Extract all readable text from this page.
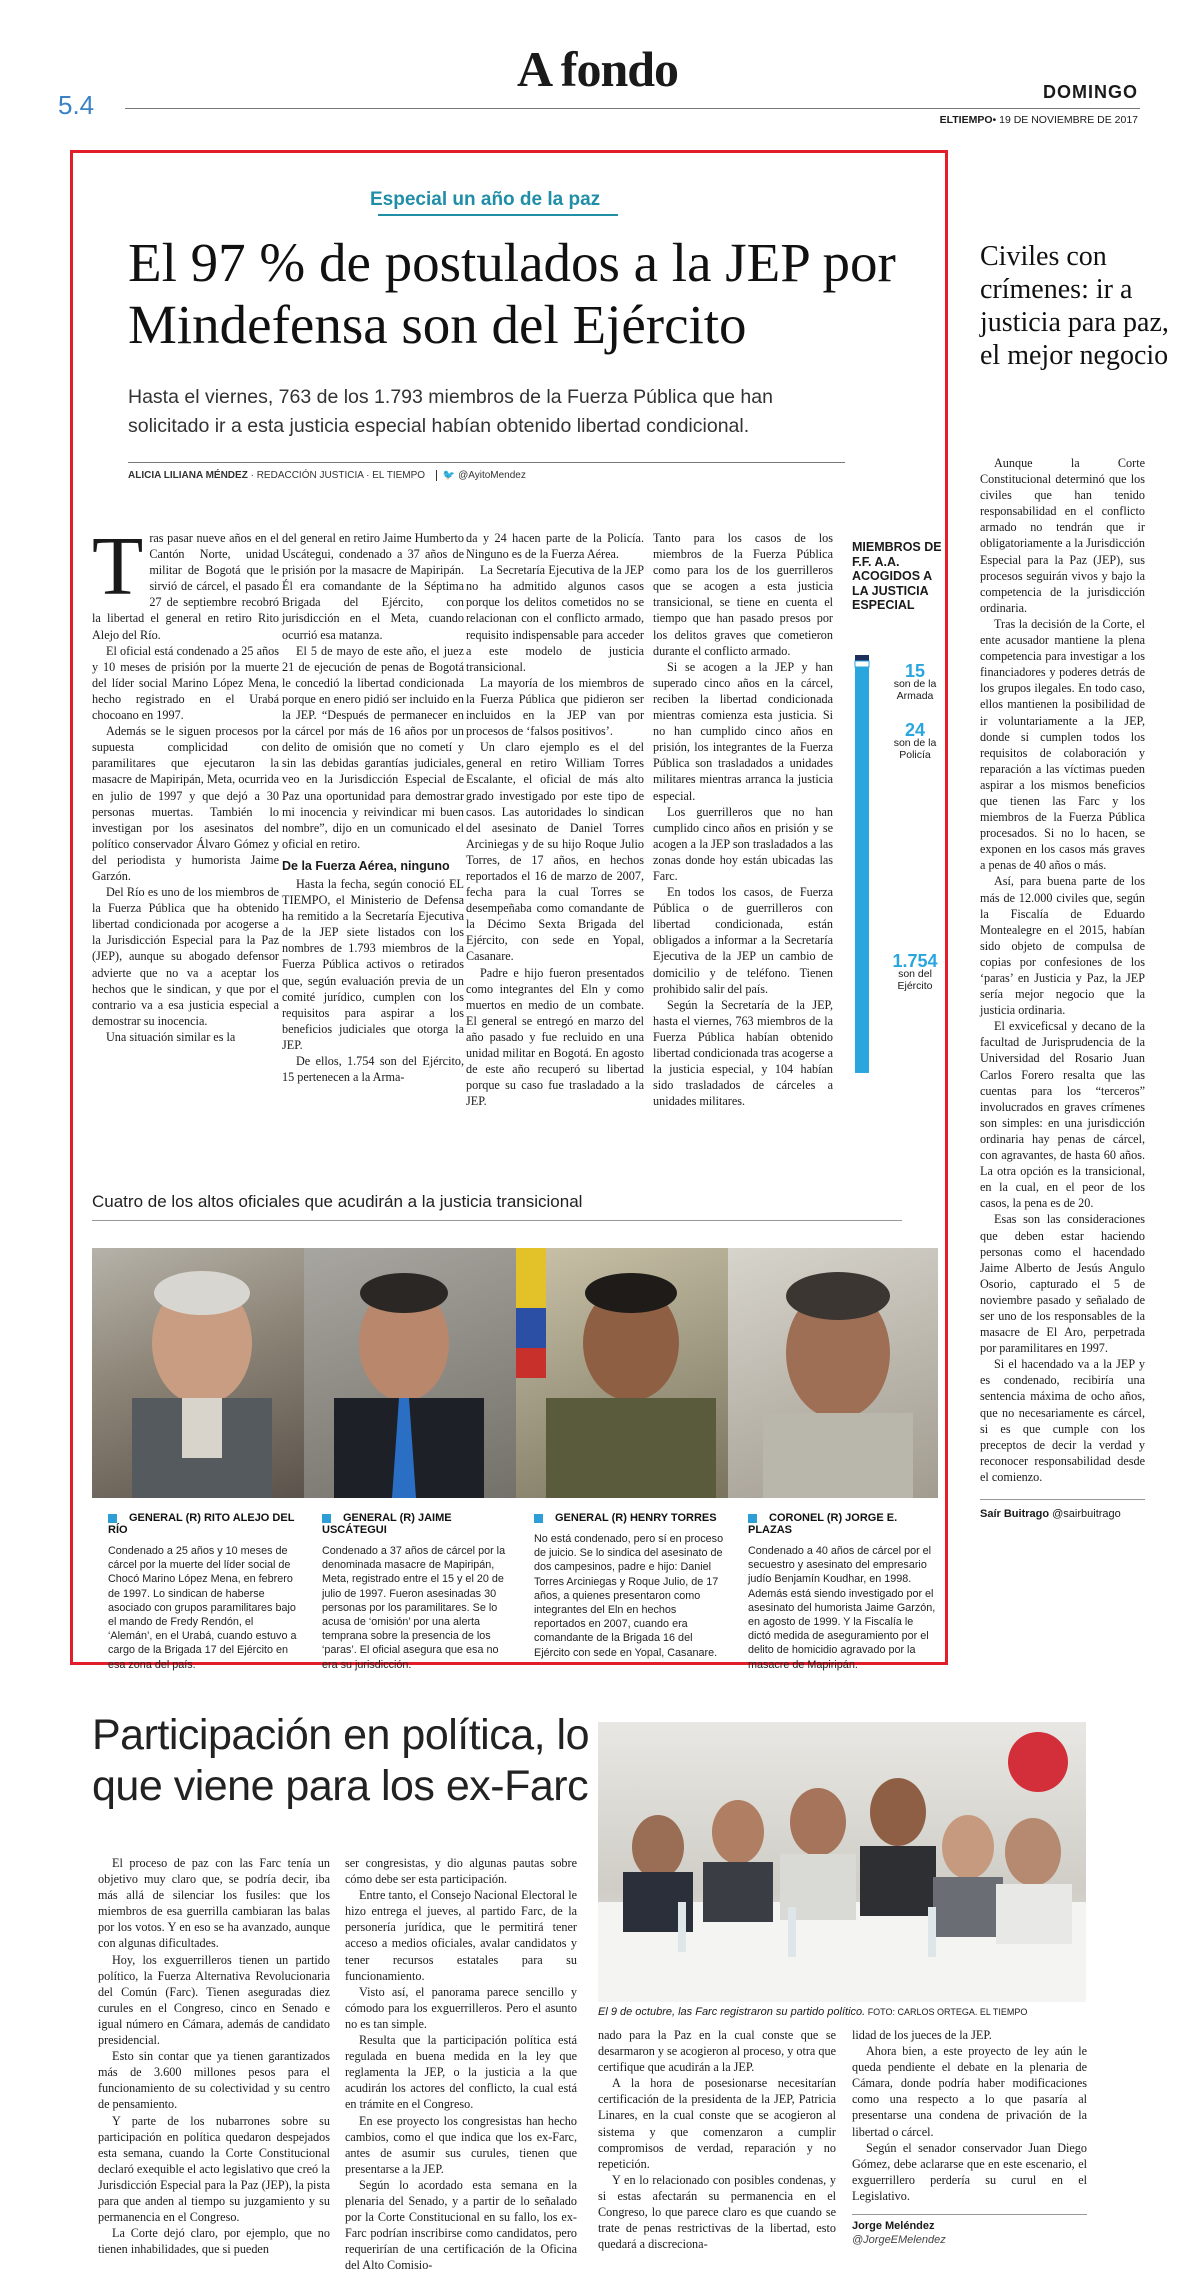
5.4
A fondo	DOMINGO
ELTIEMPO• 19 DE NOVIEMBRE DE 2017
Especial un año de la paz
El 97 % de postulados a la JEP por Mindefensa son del Ejército
Hasta el viernes, 763 de los 1.793 miembros de la Fuerza Pública que han solicitado ir a esta justicia especial habían obtenido libertad condicional.
ALICIA LILIANA MÉNDEZ · REDACCIÓN JUSTICIA · EL TIEMPO 🐦 @AyitoMendez

Tras pasar nueve años en el Cantón Norte, unidad militar de Bogotá que le sirvió de cárcel, el pasado 27 de septiembre recobró la libertad el general en retiro Rito Alejo del Río.

El oficial está condenado a 25 años y 10 meses de prisión por la muerte del líder social Marino López Mena, hecho registrado en el Urabá chocoano en 1997.

Además se le siguen procesos por supuesta complicidad con paramilitares que ejecutaron la masacre de Mapiripán, Meta, ocurrida en julio de 1997 y que dejó a 30 personas muertas. También lo investigan por los asesinatos del político conservador Álvaro Gómez y del periodista y humorista Jaime Garzón.

Del Río es uno de los miembros de la Fuerza Pública que ha obtenido libertad condicionada por acogerse a la Jurisdicción Especial para la Paz (JEP), aunque su abogado defensor advierte que no va a aceptar los hechos que le sindican, y que por el contrario va a esa justicia especial a demostrar su inocencia.

Una situación similar es la

del general en retiro Jaime Humberto Uscátegui, condenado a 37 años de prisión por la masacre de Mapiripán. Él era comandante de la Séptima Brigada del Ejército, con jurisdicción en el Meta, cuando ocurrió esa matanza.

El 5 de mayo de este año, el juez 21 de ejecución de penas de Bogotá le concedió la libertad condicionada porque en enero pidió ser incluido en la JEP. “Después de permanecer en la cárcel por más de 16 años por un delito de omisión que no cometí y sin las debidas garantías judiciales, veo en la Jurisdicción Especial de Paz una oportunidad para demostrar mi inocencia y reivindicar mi buen nombre”, dijo en un comunicado el oficial en retiro.

De la Fuerza Aérea, ninguno

Hasta la fecha, según conoció EL TIEMPO, el Ministerio de Defensa ha remitido a la Secretaría Ejecutiva de la JEP siete listados con los nombres de 1.793 miembros de la Fuerza Pública activos o retirados que, según evaluación previa de un comité jurídico, cumplen con los requisitos para aspirar a los beneficios judiciales que otorga la JEP.

De ellos, 1.754 son del Ejército, 15 pertenecen a la Arma-

da y 24 hacen parte de la Policía. Ninguno es de la Fuerza Aérea.

La Secretaría Ejecutiva de la JEP no ha admitido algunos casos porque los delitos cometidos no se relacionan con el conflicto armado, requisito indispensable para acceder a este modelo de justicia transicional.

La mayoría de los miembros de la Fuerza Pública que pidieron ser incluidos en la JEP van por procesos de ‘falsos positivos’.

Un claro ejemplo es el del general en retiro William Torres Escalante, el oficial de más alto grado investigado por este tipo de casos. Las autoridades lo sindican del asesinato de Daniel Torres Arciniegas y de su hijo Roque Julio Torres, de 17 años, en hechos reportados el 16 de marzo de 2007, fecha para la cual Torres se desempeñaba como comandante de la Décimo Sexta Brigada del Ejército, con sede en Yopal, Casanare.

Padre e hijo fueron presentados como integrantes del Eln y como muertos en medio de un combate. El general se entregó en marzo del año pasado y fue recluido en una unidad militar en Bogotá. En agosto de este año recuperó su libertad porque su caso fue trasladado a la JEP.

Tanto para los casos de los miembros de la Fuerza Pública como para los de los guerrilleros que se acogen a esta justicia transicional, se tiene en cuenta el tiempo que han pasado presos por los delitos graves que cometieron durante el conflicto armado.

Si se acogen a la JEP y han superado cinco años en la cárcel, reciben la libertad condicionada mientras comienza esta justicia. Si no han cumplido cinco años en prisión, los integrantes de la Fuerza Pública son trasladados a unidades militares mientras arranca la justicia especial.

Los guerrilleros que no han cumplido cinco años en prisión y se acogen a la JEP son trasladados a las zonas donde hoy están ubicadas las Farc.

En todos los casos, de Fuerza Pública o de guerrilleros con libertad condicionada, están obligados a informar a la Secretaría Ejecutiva de la JEP un cambio de domicilio y de teléfono. Tienen prohibido salir del país.

Según la Secretaría de la JEP, hasta el viernes, 763 miembros de la Fuerza Pública habían obtenido libertad condicionada tras acogerse a la justicia especial, y 104 habían sido trasladados de cárceles a unidades militares.

MIEMBROS DE F.F. A.A. ACOGIDOS A LA JUSTICIA ESPECIAL
15
son de la Armada
24
son de la Policía
1.754
son del Ejército
Cuatro de los altos oficiales que acudirán a la justicia transicional
GENERAL (R) RITO ALEJO DEL RÍO
Condenado a 25 años y 10 meses de cárcel por la muerte del líder social de Chocó Marino López Mena, en febrero de 1997. Lo sindican de haberse asociado con grupos paramilitares bajo el mando de Fredy Rendón, el ‘Alemán’, en el Urabá, cuando estuvo a cargo de la Brigada 17 del Ejército en esa zona del país.
GENERAL (R) JAIME USCÁTEGUI
Condenado a 37 años de cárcel por la denominada masacre de Mapiripán, Meta, registrado entre el 15 y el 20 de julio de 1997. Fueron asesinadas 30 personas por los paramilitares. Se lo acusa de ‘omisión’ por una alerta temprana sobre la presencia de los ‘paras’. El oficial asegura que esa no era su jurisdicción.
GENERAL (R) HENRY TORRES
No está condenado, pero sí en proceso de juicio. Se lo sindica del asesinato de dos campesinos, padre e hijo: Daniel Torres Arciniegas y Roque Julio, de 17 años, a quienes presentaron como integrantes del Eln en hechos reportados en 2007, cuando era comandante de la Brigada 16 del Ejército con sede en Yopal, Casanare.
CORONEL (R) JORGE E. PLAZAS
Condenado a 40 años de cárcel por el secuestro y asesinato del empresario judío Benjamín Koudhar, en 1998. Además está siendo investigado por el asesinato del humorista Jaime Garzón, en agosto de 1999. Y la Fiscalía le dictó medida de aseguramiento por el delito de homicidio agravado por la masacre de Mapiripán.
Civiles con crímenes: ir a justicia para paz, el mejor negocio

Aunque la Corte Constitucional determinó que los civiles que han tenido responsabilidad en el conflicto armado no tendrán que ir obligatoriamente a la Jurisdicción Especial para la Paz (JEP), sus procesos seguirán vivos y bajo la competencia de la jurisdicción ordinaria.

Tras la decisión de la Corte, el ente acusador mantiene la plena competencia para investigar a los financiadores y poderes detrás de los grupos ilegales. En todo caso, ellos mantienen la posibilidad de ir voluntariamente a la JEP, donde si cumplen todos los requisitos de colaboración y reparación a las víctimas pueden aspirar a los mismos beneficios que tienen las Farc y los miembros de la Fuerza Pública procesados. Si no lo hacen, se exponen en los casos más graves a penas de 40 años o más.

Así, para buena parte de los más de 12.000 civiles que, según la Fiscalía de Eduardo Montealegre en el 2015, habían sido objeto de compulsa de copias por confesiones de los ‘paras’ en Justicia y Paz, la JEP sería mejor negocio que la justicia ordinaria.

El exviceficsal y decano de la facultad de Jurisprudencia de la Universidad del Rosario Juan Carlos Forero resalta que las cuentas para los “terceros” involucrados en graves crímenes son simples: en una jurisdicción ordinaria hay penas de cárcel, con agravantes, de hasta 60 años. La otra opción es la transicional, en la cual, en el peor de los casos, la pena es de 20.

Esas son las consideraciones que deben estar haciendo personas como el hacendado Jaime Alberto de Jesús Angulo Osorio, capturado el 5 de noviembre pasado y señalado de ser uno de los responsables de la masacre de El Aro, perpetrada por paramilitares en 1997.

Si el hacendado va a la JEP y es condenado, recibiría una sentencia máxima de ocho años, que no necesariamente es cárcel, si es que cumple con los preceptos de decir la verdad y reconocer responsabilidad desde el comienzo.

Saír Buitrago @sairbuitrago
Participación en política, lo que viene para los ex-Farc

El proceso de paz con las Farc tenía un objetivo muy claro que, se podría decir, iba más allá de silenciar los fusiles: que los miembros de esa guerrilla cambiaran las balas por los votos. Y en eso se ha avanzado, aunque con algunas dificultades.

Hoy, los exguerrilleros tienen un partido político, la Fuerza Alternativa Revolucionaria del Común (Farc). Tienen aseguradas diez curules en el Congreso, cinco en Senado e igual número en Cámara, además de candidato presidencial.

Esto sin contar que ya tienen garantizados más de 3.600 millones pesos para el funcionamiento de su colectividad y su centro de pensamiento.

Y parte de los nubarrones sobre su participación en política quedaron despejados esta semana, cuando la Corte Constitucional declaró exequible el acto legislativo que creó la Jurisdicción Especial para la Paz (JEP), la pista para que anden al tiempo su juzgamiento y su permanencia en el Congreso.

La Corte dejó claro, por ejemplo, que no tienen inhabilidades, que si pueden

ser congresistas, y dio algunas pautas sobre cómo debe ser esta participación.

Entre tanto, el Consejo Nacional Electoral le hizo entrega el jueves, al partido Farc, de la personería jurídica, que le permitirá tener acceso a medios oficiales, avalar candidatos y tener recursos estatales para su funcionamiento.

Visto así, el panorama parece sencillo y cómodo para los exguerrilleros. Pero el asunto no es tan simple.

Resulta que la participación política está regulada en buena medida en la ley que reglamenta la JEP, o la justicia a la que acudirán los actores del conflicto, la cual está en trámite en el Congreso.

En ese proyecto los congresistas han hecho cambios, como el que indica que los ex-Farc, antes de asumir sus curules, tienen que presentarse a la JEP.

Según lo acordado esta semana en la plenaria del Senado, y a partir de lo señalado por la Corte Constitucional en su fallo, los ex-Farc podrían inscribirse como candidatos, pero requerirían de una certificación de la Oficina del Alto Comisio-

El 9 de octubre, las Farc registraron su partido político. FOTO: CARLOS ORTEGA. EL TIEMPO

nado para la Paz en la cual conste que se desarmaron y se acogieron al proceso, y otra que certifique que acudirán a la JEP.

A la hora de posesionarse necesitarían certificación de la presidenta de la JEP, Patricia Linares, en la cual conste que se acogieron al sistema y que comenzaron a cumplir compromisos de verdad, reparación y no repetición.

Y en lo relacionado con posibles condenas, y si estas afectarán su permanencia en el Congreso, lo que parece claro es que cuando se trate de penas restrictivas de la libertad, esto quedará a discreciona-

lidad de los jueces de la JEP.

Ahora bien, a este proyecto de ley aún le queda pendiente el debate en la plenaria de Cámara, donde podría haber modificaciones como una respecto a lo que pasaría al presentarse una condena de privación de la libertad o cárcel.

Según el senador conservador Juan Diego Gómez, debe aclararse que en este escenario, el exguerrillero perdería su curul en el Legislativo.

Jorge Meléndez
@JorgeEMelendez
